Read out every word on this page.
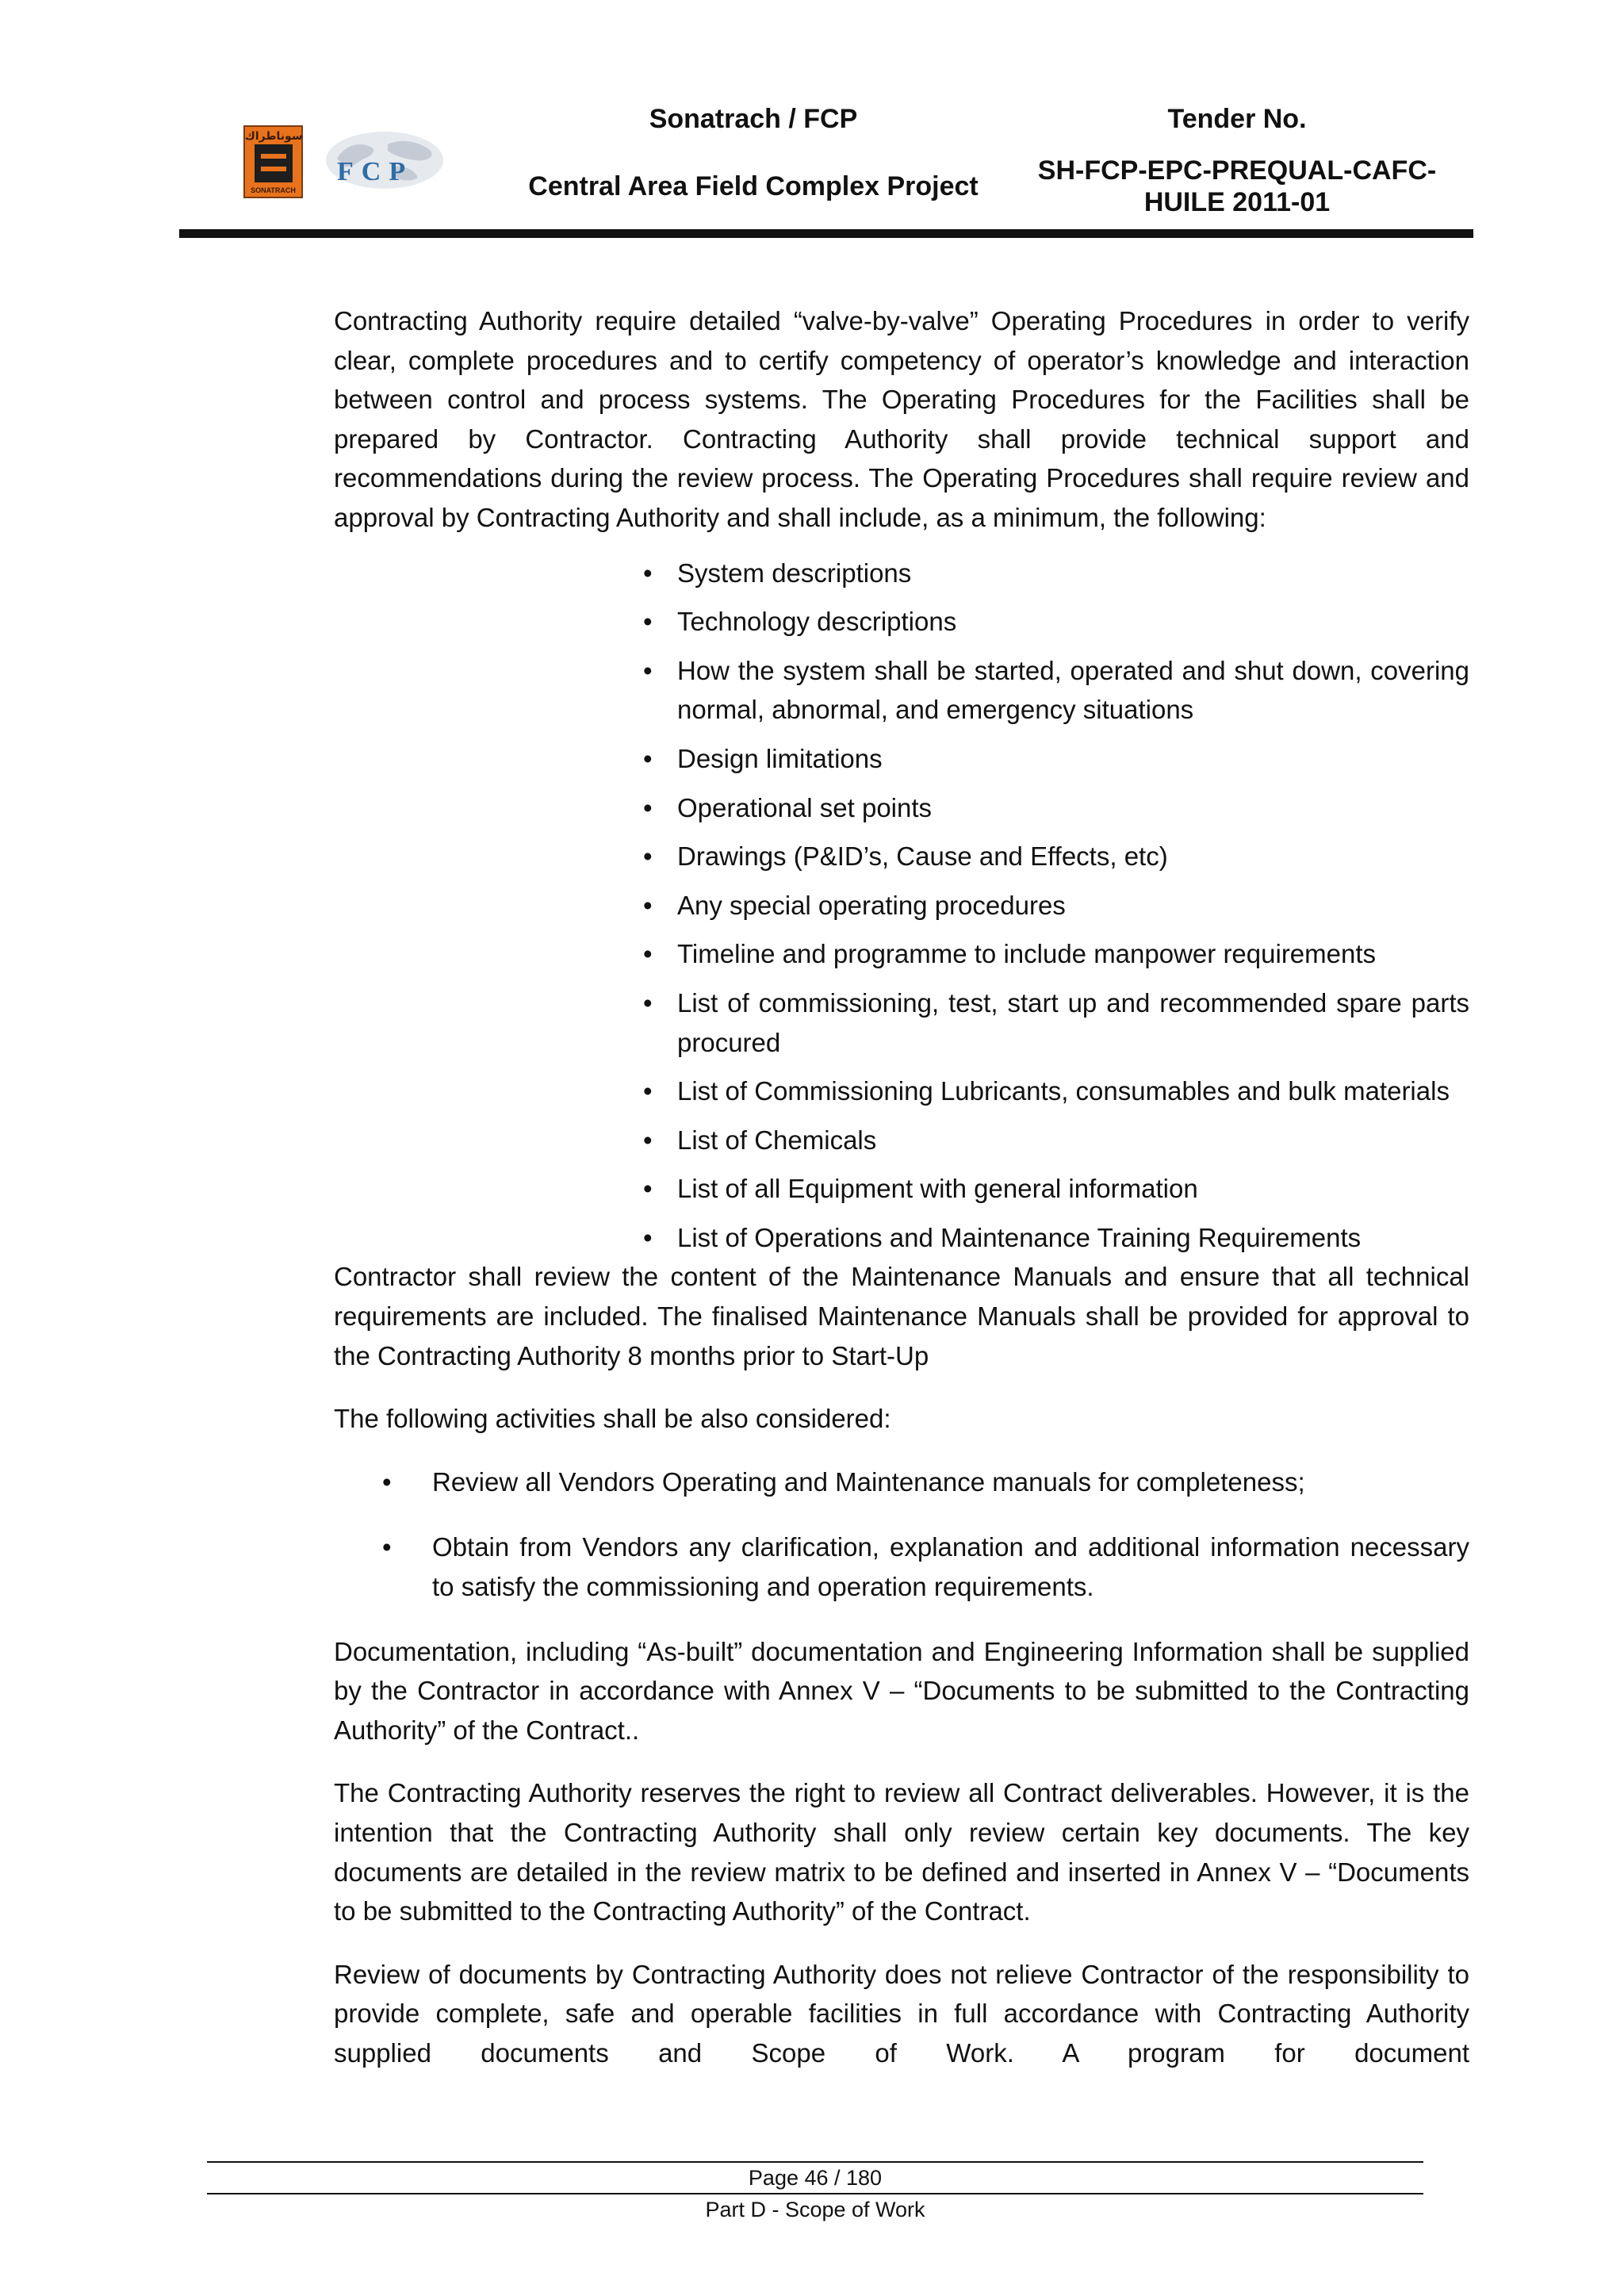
سوناطراك
SONATRACH
FCP
Sonatrach / FCP
Central Area Field Complex Project
Tender No.
SH-FCP-EPC-PREQUAL-CAFC-HUILE 2011-01

Contracting Authority require detailed “valve-by-valve” Operating Procedures in order to verify clear, complete procedures and to certify competency of operator’s knowledge and interaction between control and process systems. The Operating Procedures for the Facilities shall be prepared by Contractor. Contracting Authority shall provide technical support and recommendations during the review process. The Operating Procedures shall require review and approval by Contracting Authority and shall include, as a minimum, the following:

• System descriptions
• Technology descriptions
• How the system shall be started, operated and shut down, covering normal, abnormal, and emergency situations
• Design limitations
• Operational set points
• Drawings (P&ID’s, Cause and Effects, etc)
• Any special operating procedures
• Timeline and programme to include manpower requirements
• List of commissioning, test, start up and recommended spare parts procured
• List of Commissioning Lubricants, consumables and bulk materials
• List of Chemicals
• List of all Equipment with general information
• List of Operations and Maintenance Training Requirements

Contractor shall review the content of the Maintenance Manuals and ensure that all technical requirements are included. The finalised Maintenance Manuals shall be provided for approval to the Contracting Authority 8 months prior to Start-Up

The following activities shall be also considered:

• Review all Vendors Operating and Maintenance manuals for completeness;
• Obtain from Vendors any clarification, explanation and additional information necessary to satisfy the commissioning and operation requirements.

Documentation, including “As-built” documentation and Engineering Information shall be supplied by the Contractor in accordance with Annex V – “Documents to be submitted to the Contracting Authority” of the Contract..

The Contracting Authority reserves the right to review all Contract deliverables. However, it is the intention that the Contracting Authority shall only review certain key documents. The key documents are detailed in the review matrix to be defined and inserted in Annex V – “Documents to be submitted to the Contracting Authority” of the Contract.

Review of documents by Contracting Authority does not relieve Contractor of the responsibility to provide complete, safe and operable facilities in full accordance with Contracting Authority supplied documents and Scope of Work. A program for document

Page 46 / 180
Part D - Scope of Work
